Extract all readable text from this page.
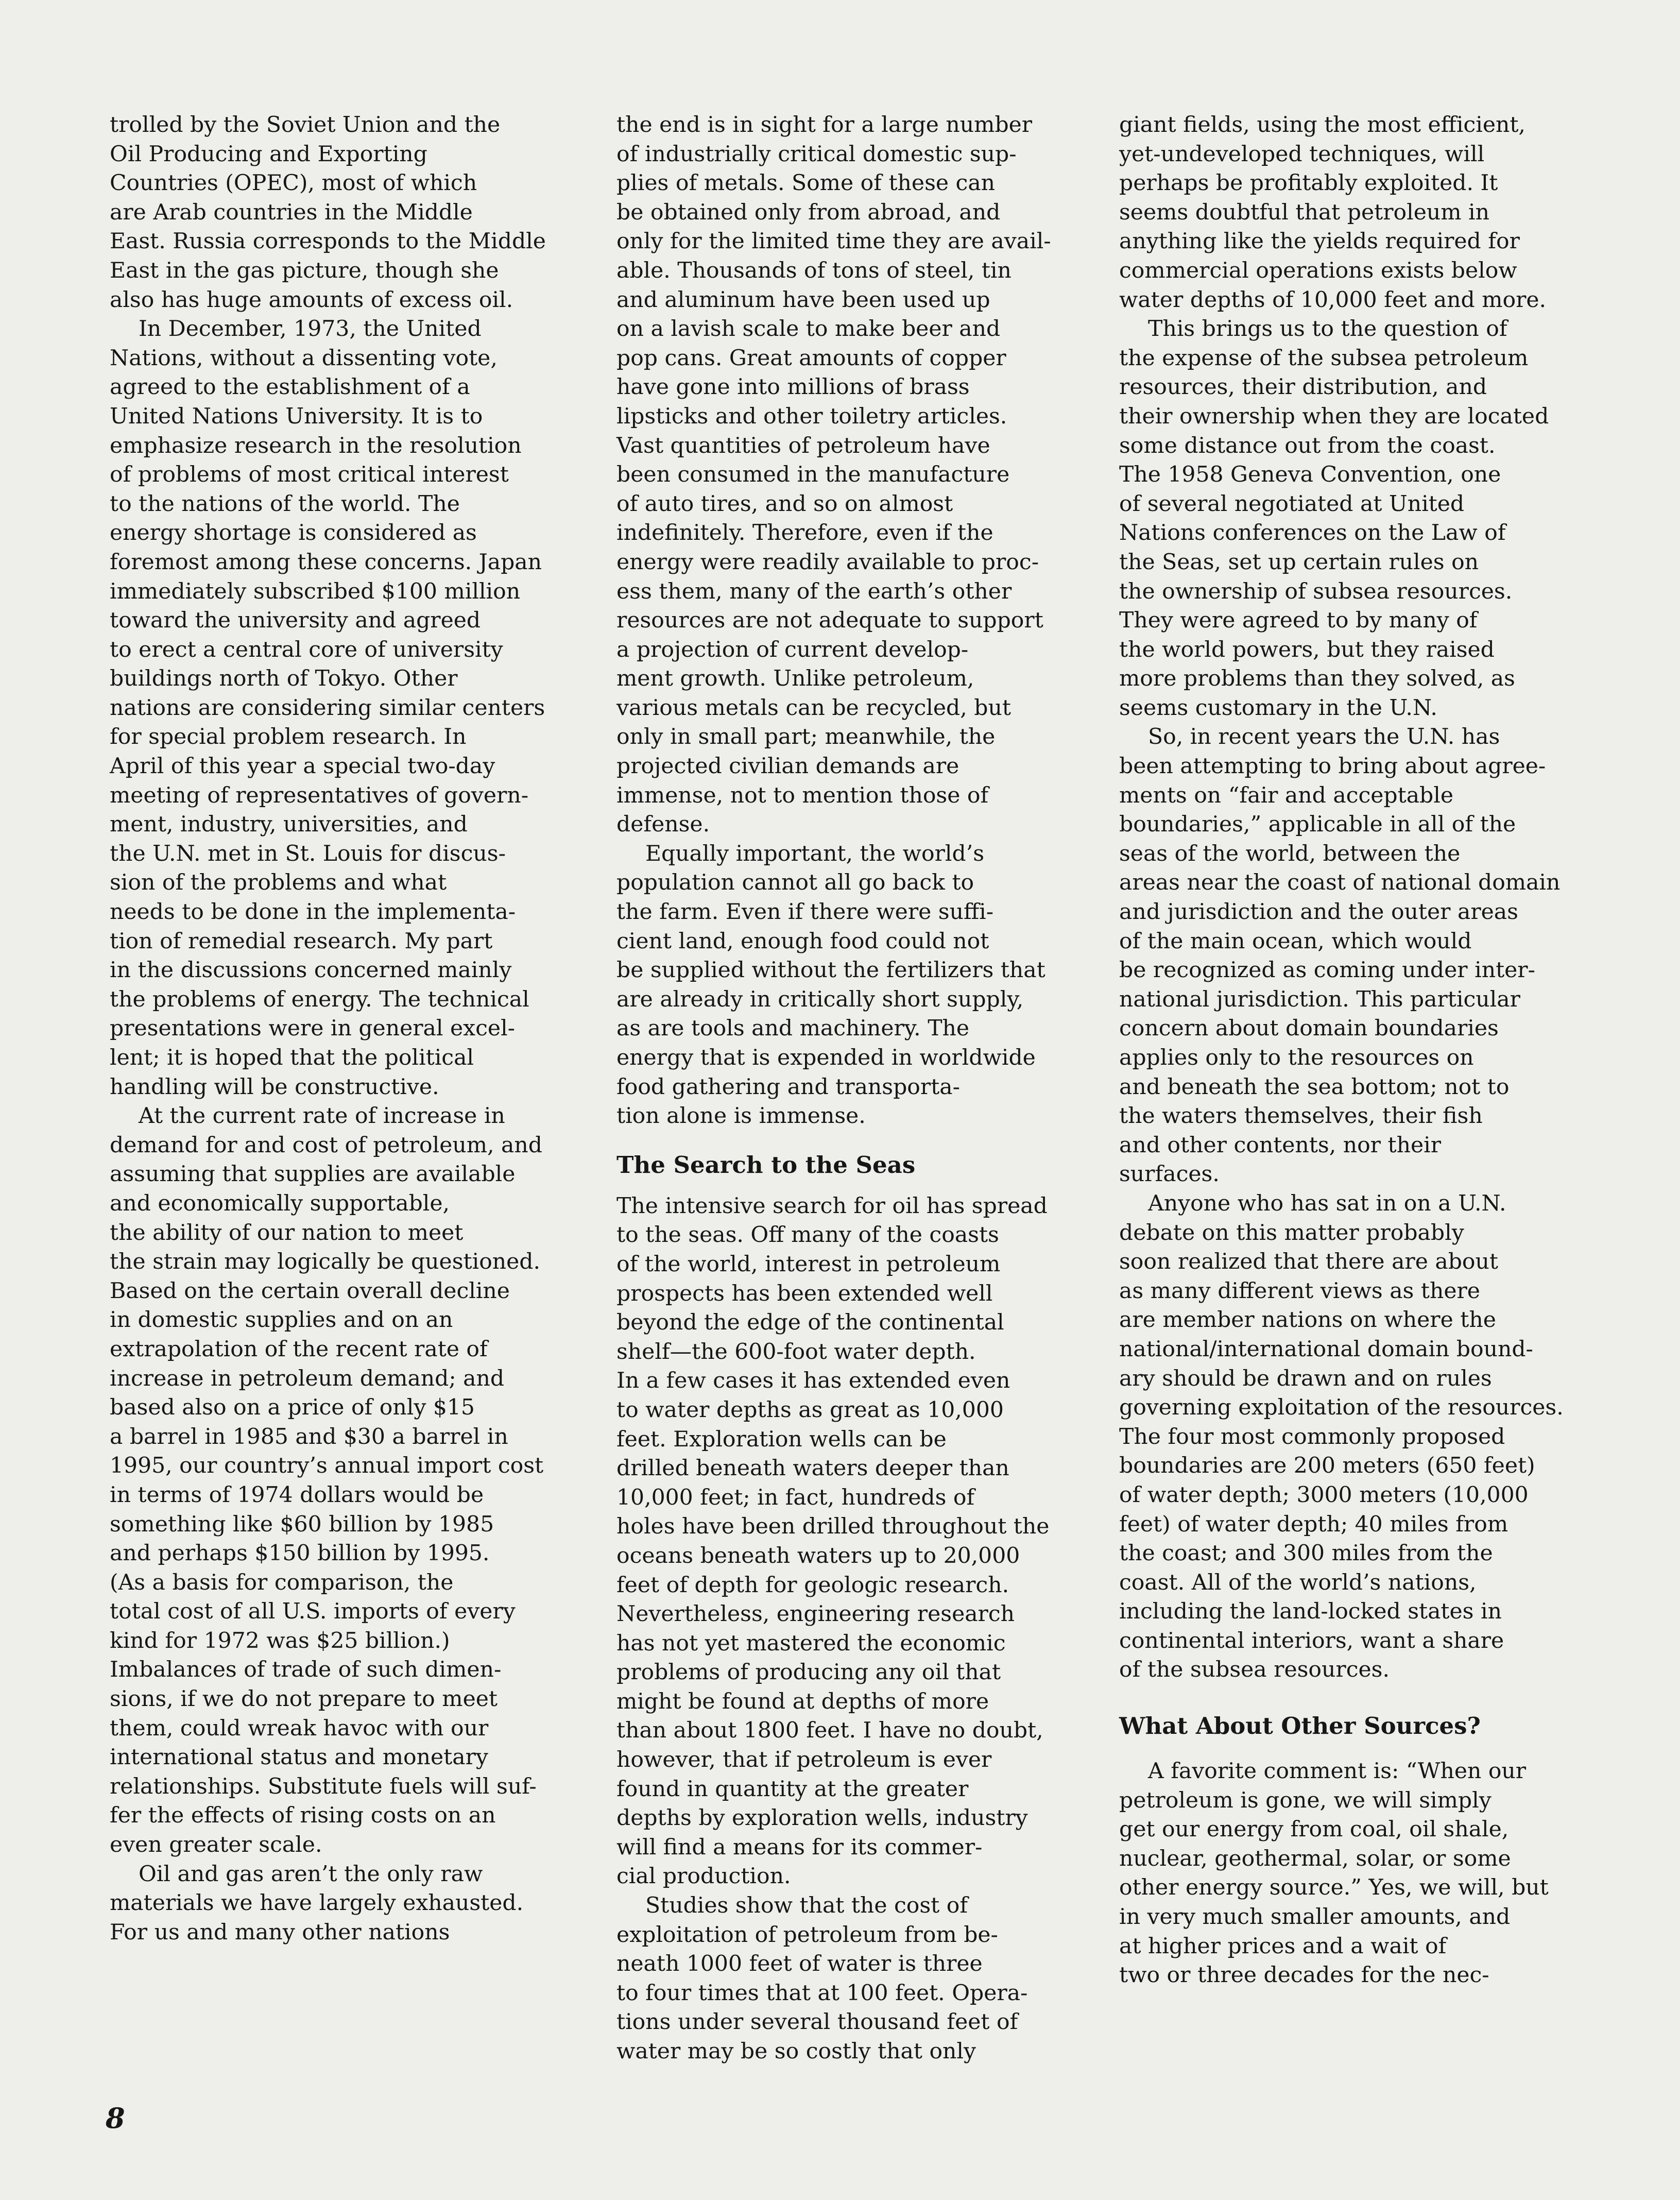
trolled by the Soviet Union and the
Oil Producing and Exporting
Countries (OPEC), most of which
are Arab countries in the Middle
East. Russia corresponds to the Middle
East in the gas picture, though she
also has huge amounts of excess oil.
In December, 1973, the United
Nations, without a dissenting vote,
agreed to the establishment of a
United Nations University. It is to
emphasize research in the resolution
of problems of most critical interest
to the nations of the world. The
energy shortage is considered as
foremost among these concerns. Japan
immediately subscribed $100 million
toward the university and agreed
to erect a central core of university
buildings north of Tokyo. Other
nations are considering similar centers
for special problem research. In
April of this year a special two-day
meeting of representatives of govern-
ment, industry, universities, and
the U.N. met in St. Louis for discus-
sion of the problems and what
needs to be done in the implementa-
tion of remedial research. My part
in the discussions concerned mainly
the problems of energy. The technical
presentations were in general excel-
lent; it is hoped that the political
handling will be constructive.
At the current rate of increase in
demand for and cost of petroleum, and
assuming that supplies are available
and economically supportable,
the ability of our nation to meet
the strain may logically be questioned.
Based on the certain overall decline
in domestic supplies and on an
extrapolation of the recent rate of
increase in petroleum demand; and
based also on a price of only $15
a barrel in 1985 and $30 a barrel in
1995, our country’s annual import cost
in terms of 1974 dollars would be
something like $60 billion by 1985
and perhaps $150 billion by 1995.
(As a basis for comparison, the
total cost of all U.S. imports of every
kind for 1972 was $25 billion.)
Imbalances of trade of such dimen-
sions, if we do not prepare to meet
them, could wreak havoc with our
international status and monetary
relationships. Substitute fuels will suf-
fer the effects of rising costs on an
even greater scale.
Oil and gas aren’t the only raw
materials we have largely exhausted.
For us and many other nations
the end is in sight for a large number
of industrially critical domestic sup-
plies of metals. Some of these can
be obtained only from abroad, and
only for the limited time they are avail-
able. Thousands of tons of steel, tin
and aluminum have been used up
on a lavish scale to make beer and
pop cans. Great amounts of copper
have gone into millions of brass
lipsticks and other toiletry articles.
Vast quantities of petroleum have
been consumed in the manufacture
of auto tires, and so on almost
indefinitely. Therefore, even if the
energy were readily available to proc-
ess them, many of the earth’s other
resources are not adequate to support
a projection of current develop-
ment growth. Unlike petroleum,
various metals can be recycled, but
only in small part; meanwhile, the
projected civilian demands are
immense, not to mention those of
defense.
Equally important, the world’s
population cannot all go back to
the farm. Even if there were suffi-
cient land, enough food could not
be supplied without the fertilizers that
are already in critically short supply,
as are tools and machinery. The
energy that is expended in worldwide
food gathering and transporta-
tion alone is immense.
The Search to the Seas
The intensive search for oil has spread
to the seas. Off many of the coasts
of the world, interest in petroleum
prospects has been extended well
beyond the edge of the continental
shelf—the 600-foot water depth.
In a few cases it has extended even
to water depths as great as 10,000
feet. Exploration wells can be
drilled beneath waters deeper than
10,000 feet; in fact, hundreds of
holes have been drilled throughout the
oceans beneath waters up to 20,000
feet of depth for geologic research.
Nevertheless, engineering research
has not yet mastered the economic
problems of producing any oil that
might be found at depths of more
than about 1800 feet. I have no doubt,
however, that if petroleum is ever
found in quantity at the greater
depths by exploration wells, industry
will find a means for its commer-
cial production.
Studies show that the cost of
exploitation of petroleum from be-
neath 1000 feet of water is three
to four times that at 100 feet. Opera-
tions under several thousand feet of
water may be so costly that only
giant fields, using the most efficient,
yet-undeveloped techniques, will
perhaps be profitably exploited. It
seems doubtful that petroleum in
anything like the yields required for
commercial operations exists below
water depths of 10,000 feet and more.
This brings us to the question of
the expense of the subsea petroleum
resources, their distribution, and
their ownership when they are located
some distance out from the coast.
The 1958 Geneva Convention, one
of several negotiated at United
Nations conferences on the Law of
the Seas, set up certain rules on
the ownership of subsea resources.
They were agreed to by many of
the world powers, but they raised
more problems than they solved, as
seems customary in the U.N.
So, in recent years the U.N. has
been attempting to bring about agree-
ments on “fair and acceptable
boundaries,” applicable in all of the
seas of the world, between the
areas near the coast of national domain
and jurisdiction and the outer areas
of the main ocean, which would
be recognized as coming under inter-
national jurisdiction. This particular
concern about domain boundaries
applies only to the resources on
and beneath the sea bottom; not to
the waters themselves, their fish
and other contents, nor their
surfaces.
Anyone who has sat in on a U.N.
debate on this matter probably
soon realized that there are about
as many different views as there
are member nations on where the
national/international domain bound-
ary should be drawn and on rules
governing exploitation of the resources.
The four most commonly proposed
boundaries are 200 meters (650 feet)
of water depth; 3000 meters (10,000
feet) of water depth; 40 miles from
the coast; and 300 miles from the
coast. All of the world’s nations,
including the land-locked states in
continental interiors, want a share
of the subsea resources.
What About Other Sources?
A favorite comment is: “When our
petroleum is gone, we will simply
get our energy from coal, oil shale,
nuclear, geothermal, solar, or some
other energy source.” Yes, we will, but
in very much smaller amounts, and
at higher prices and a wait of
two or three decades for the nec-
8
